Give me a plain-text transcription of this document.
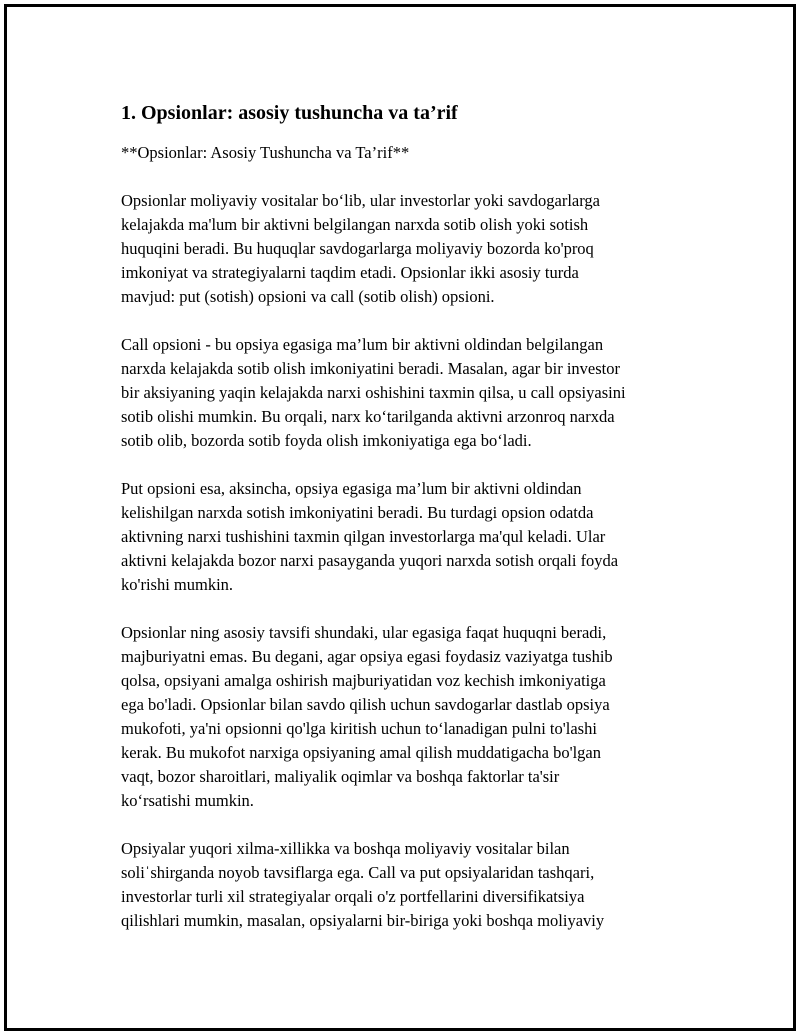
1. Opsionlar: asosiy tushuncha va ta’rif

**Opsionlar: Asosiy Tushuncha va Ta’rif**

Opsionlar moliyaviy vositalar bo‘lib, ular investorlar yoki savdogarlarga
kelajakda ma'lum bir aktivni belgilangan narxda sotib olish yoki sotish
huquqini beradi. Bu huquqlar savdogarlarga moliyaviy bozorda ko'proq
imkoniyat va strategiyalarni taqdim etadi. Opsionlar ikki asosiy turda
mavjud: put (sotish) opsioni va call (sotib olish) opsioni.

Call opsioni - bu opsiya egasiga ma’lum bir aktivni oldindan belgilangan
narxda kelajakda sotib olish imkoniyatini beradi. Masalan, agar bir investor
bir aksiyaning yaqin kelajakda narxi oshishini taxmin qilsa, u call opsiyasini
sotib olishi mumkin. Bu orqali, narx ko‘tarilganda aktivni arzonroq narxda
sotib olib, bozorda sotib foyda olish imkoniyatiga ega bo‘ladi.

Put opsioni esa, aksincha, opsiya egasiga ma’lum bir aktivni oldindan
kelishilgan narxda sotish imkoniyatini beradi. Bu turdagi opsion odatda
aktivning narxi tushishini taxmin qilgan investorlarga ma'qul keladi. Ular
aktivni kelajakda bozor narxi pasayganda yuqori narxda sotish orqali foyda
ko'rishi mumkin.

Opsionlar ning asosiy tavsifi shundaki, ular egasiga faqat huquqni beradi,
majburiyatni emas. Bu degani, agar opsiya egasi foydasiz vaziyatga tushib
qolsa, opsiyani amalga oshirish majburiyatidan voz kechish imkoniyatiga
ega bo'ladi. Opsionlar bilan savdo qilish uchun savdogarlar dastlab opsiya
mukofoti, ya'ni opsionni qo'lga kiritish uchun to‘lanadigan pulni to'lashi
kerak. Bu mukofot narxiga opsiyaning amal qilish muddatigacha bo'lgan
vaqt, bozor sharoitlari, maliyalik oqimlar va boshqa faktorlar ta'sir
ko‘rsatishi mumkin.

Opsiyalar yuqori xilma-xillikka va boshqa moliyaviy vositalar bilan
soliˈshirganda noyob tavsiflarga ega. Call va put opsiyalaridan tashqari,
investorlar turli xil strategiyalar orqali o'z portfellarini diversifikatsiya
qilishlari mumkin, masalan, opsiyalarni bir-biriga yoki boshqa moliyaviy
